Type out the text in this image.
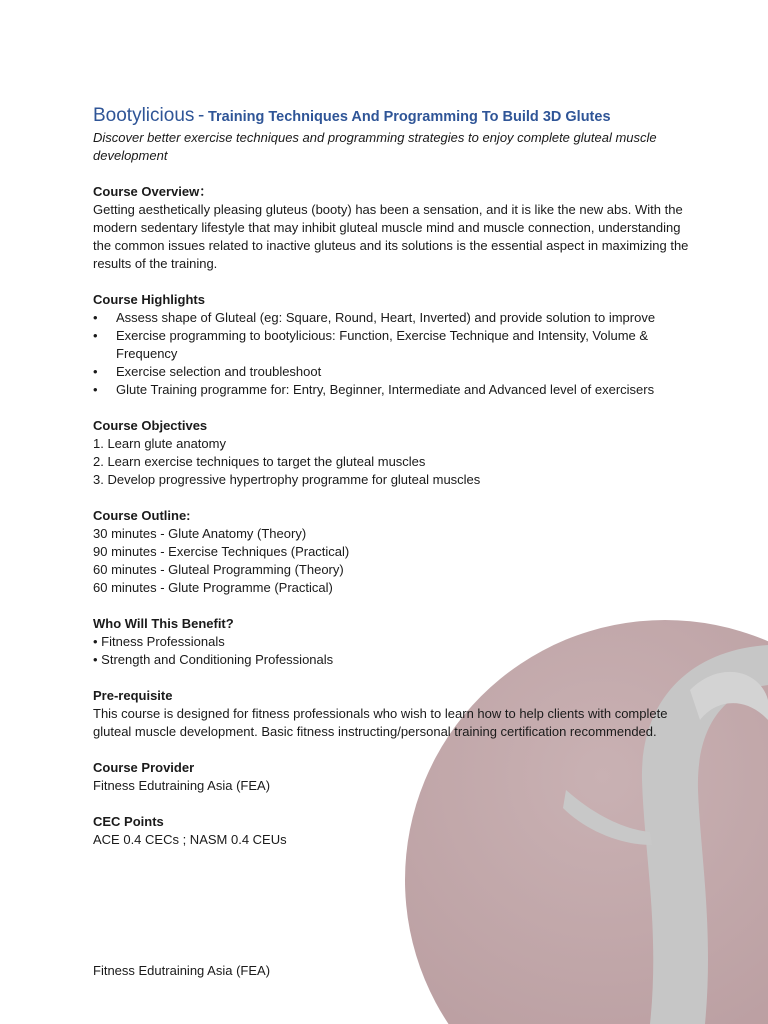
Bootylicious - Training Techniques And Programming To Build 3D Glutes

Discover better exercise techniques and programming strategies to enjoy complete gluteal muscle development

Course Overview：

Getting aesthetically pleasing gluteus (booty) has been a sensation, and it is like the new abs. With the modern sedentary lifestyle that may inhibit gluteal muscle mind and muscle connection, understanding the common issues related to inactive gluteus and its solutions is the essential aspect in maximizing the results of the training.

Course Highlights

• Assess shape of Gluteal (eg: Square, Round, Heart, Inverted) and provide solution to improve
• Exercise programming to bootylicious: Function, Exercise Technique and Intensity, Volume & Frequency
• Exercise selection and troubleshoot
• Glute Training programme for: Entry, Beginner, Intermediate and Advanced level of exercisers

Course Objectives

1. Learn glute anatomy

2. Learn exercise techniques to target the gluteal muscles

3. Develop progressive hypertrophy programme for gluteal muscles

Course Outline:

30 minutes - Glute Anatomy (Theory)

90 minutes - Exercise Techniques (Practical)

60 minutes - Gluteal Programming (Theory)

60 minutes - Glute Programme (Practical)

Who Will This Benefit?

• Fitness Professionals

• Strength and Conditioning Professionals

Pre-requisite

This course is designed for fitness professionals who wish to learn how to help clients with complete gluteal muscle development. Basic fitness instructing/personal training certification recommended.

Course Provider

Fitness Edutraining Asia (FEA)

CEC Points

ACE 0.4 CECs ; NASM 0.4 CEUs

Fitness Edutraining Asia (FEA)
